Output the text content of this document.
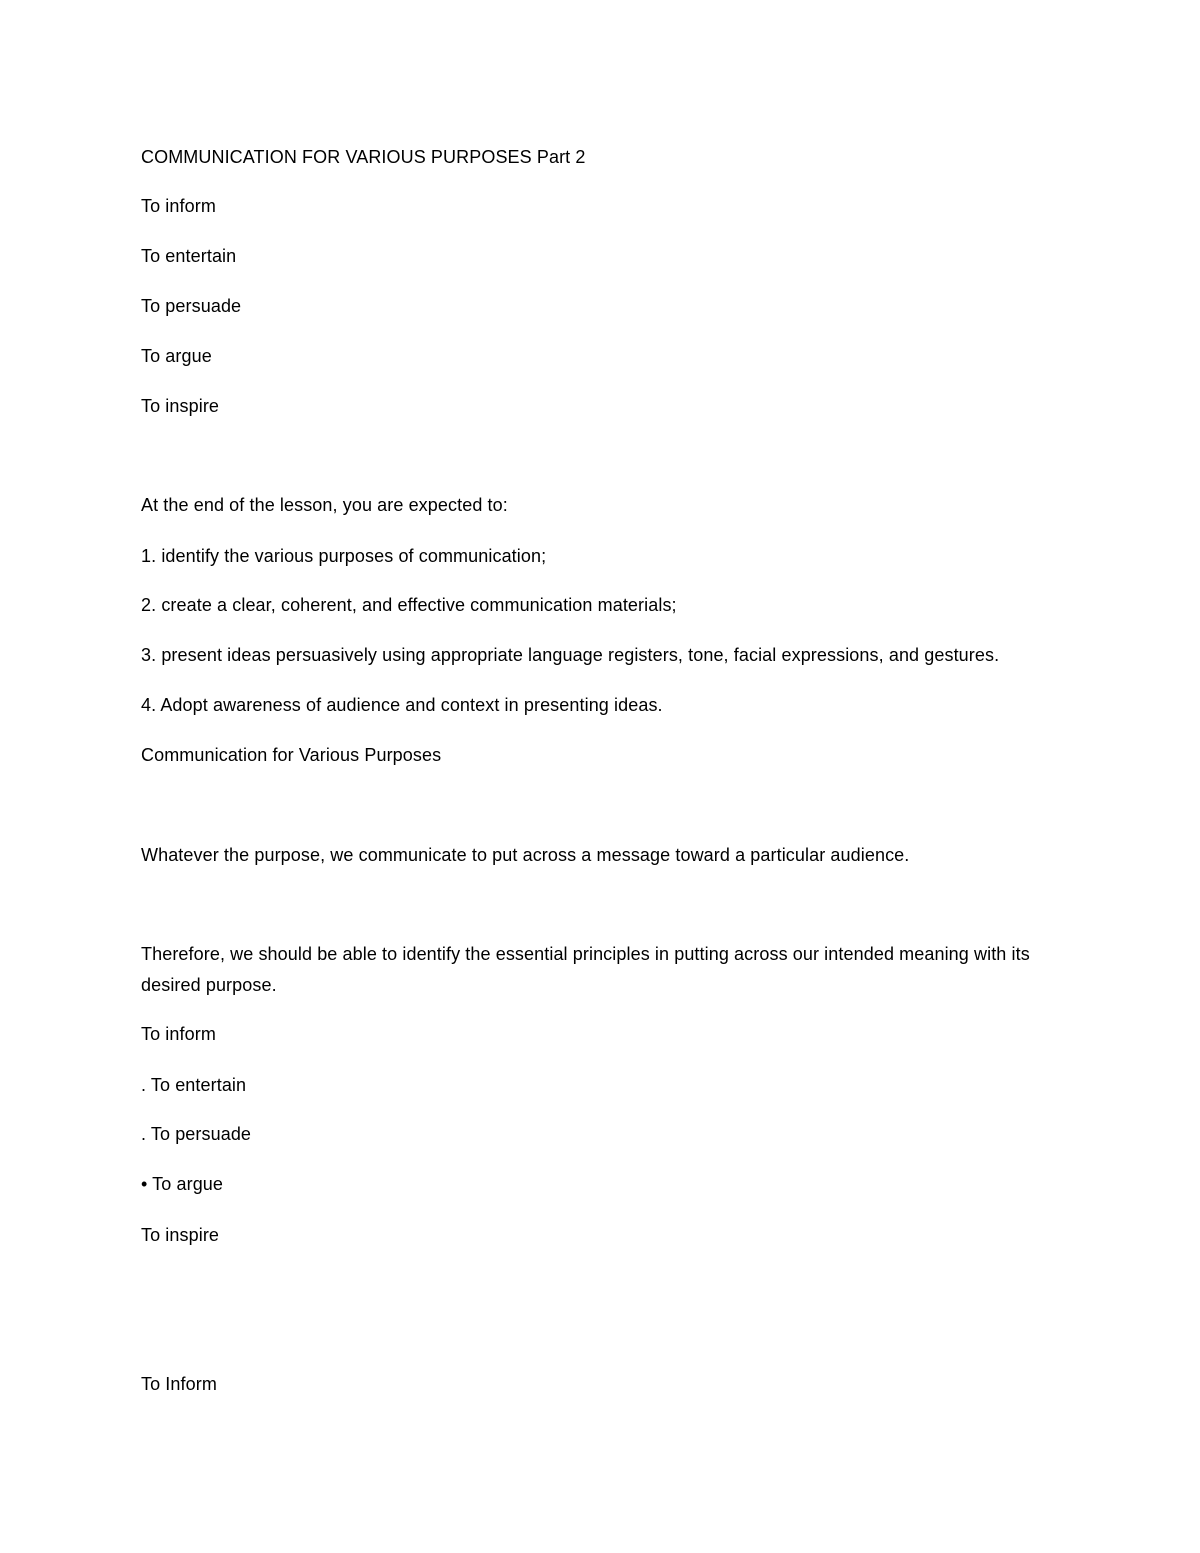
COMMUNICATION FOR VARIOUS PURPOSES Part 2
To inform
To entertain
To persuade
To argue
To inspire
At the end of the lesson, you are expected to:
1. identify the various purposes of communication;
2. create a clear, coherent, and effective communication materials;
3. present ideas persuasively using appropriate language registers, tone, facial expressions, and gestures.
4. Adopt awareness of audience and context in presenting ideas.
Communication for Various Purposes
Whatever the purpose, we communicate to put across a message toward a particular audience.
Therefore, we should be able to identify the essential principles in putting across our intended meaning with its desired purpose.
To inform
. To entertain
. To persuade
• To argue
To inspire
To Inform
